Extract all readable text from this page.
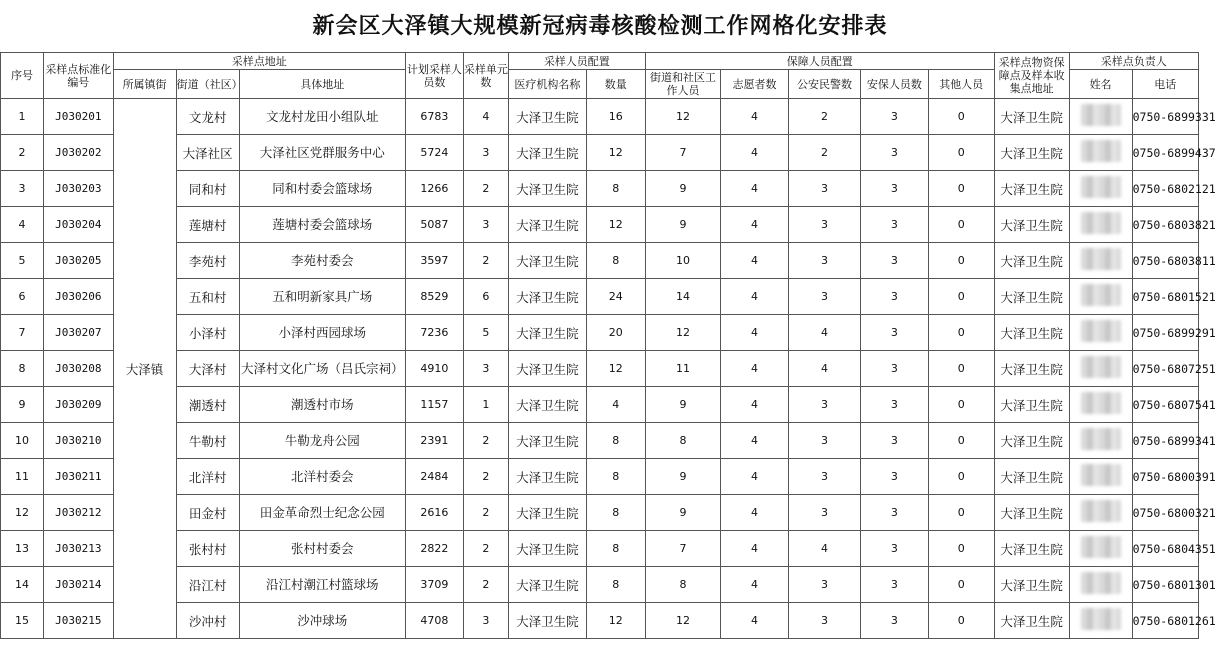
新会区大泽镇大规模新冠病毒核酸检测工作网格化安排表
序号	采样点标准化编号	采样点地址			计划采样人员数	采样单元数	采样人员配置		保障人员配置					采样点物资保障点及样本收集点地址	采样点负责人	
		所属镇街	街道（社区）	具体地址			医疗机构名称	数量	街道和社区工作人员	志愿者数	公安民警数	安保人员数	其他人员			
															姓名	电话
1	J030201	大泽镇	文龙村	文龙村龙田小组队址	6783	4	大泽卫生院	16	12	4	2	3	0	大泽卫生院		0750-6899331
2	J030202		大泽社区	大泽社区党群服务中心	5724	3	大泽卫生院	12	7	4	2	3	0	大泽卫生院		0750-6899437
3	J030203		同和村	同和村委会篮球场	1266	2	大泽卫生院	8	9	4	3	3	0	大泽卫生院		0750-6802121
4	J030204		莲塘村	莲塘村委会篮球场	5087	3	大泽卫生院	12	9	4	3	3	0	大泽卫生院		0750-6803821
5	J030205		李苑村	李苑村委会	3597	2	大泽卫生院	8	10	4	3	3	0	大泽卫生院		0750-6803811
6	J030206		五和村	五和明新家具广场	8529	6	大泽卫生院	24	14	4	3	3	0	大泽卫生院		0750-6801521
7	J030207		小泽村	小泽村西园球场	7236	5	大泽卫生院	20	12	4	4	3	0	大泽卫生院		0750-6899291
8	J030208		大泽村	大泽村文化广场（吕氏宗祠）	4910	3	大泽卫生院	12	11	4	4	3	0	大泽卫生院		0750-6807251
9	J030209		潮透村	潮透村市场	1157	1	大泽卫生院	4	9	4	3	3	0	大泽卫生院		0750-6807541
10	J030210		牛勒村	牛勒龙舟公园	2391	2	大泽卫生院	8	8	4	3	3	0	大泽卫生院		0750-6899341
11	J030211		北洋村	北洋村委会	2484	2	大泽卫生院	8	9	4	3	3	0	大泽卫生院		0750-6800391
12	J030212		田金村	田金革命烈士纪念公园	2616	2	大泽卫生院	8	9	4	3	3	0	大泽卫生院		0750-6800321
13	J030213		张村村	张村村委会	2822	2	大泽卫生院	8	7	4	4	3	0	大泽卫生院		0750-6804351
14	J030214		沿江村	沿江村潮江村篮球场	3709	2	大泽卫生院	8	8	4	3	3	0	大泽卫生院		0750-6801301
15	J030215		沙冲村	沙冲球场	4708	3	大泽卫生院	12	12	4	3	3	0	大泽卫生院		0750-6801261
